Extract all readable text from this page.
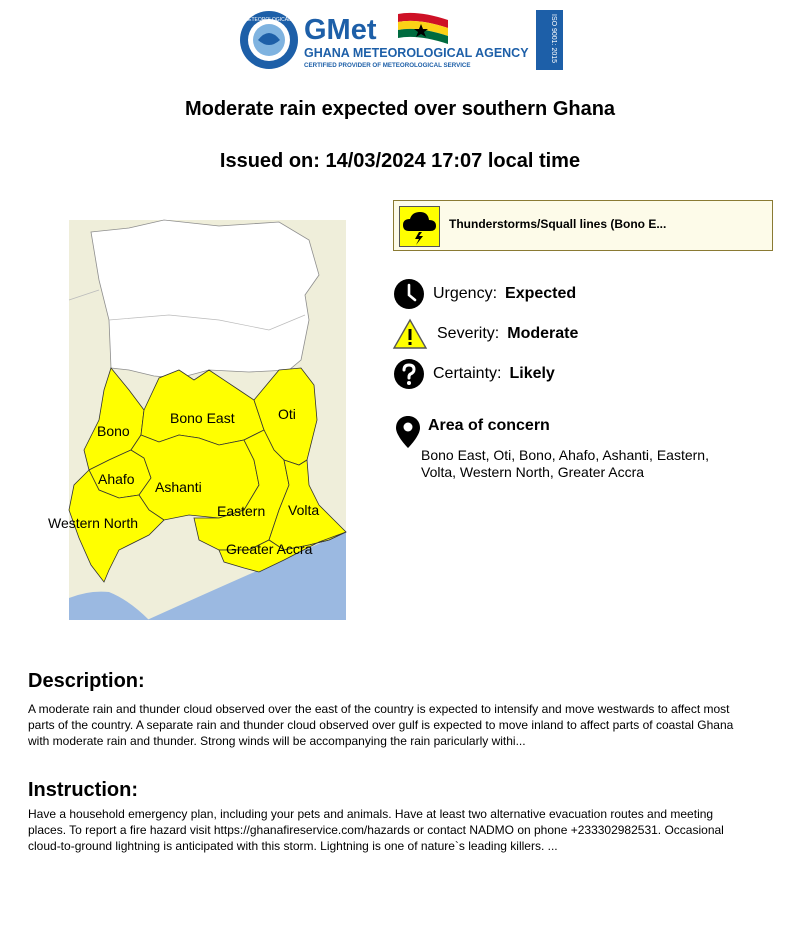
GHANA METEOROLOGICAL AGENCY
GMet
GHANA METEOROLOGICAL AGENCY
CERTIFIED PROVIDER OF METEOROLOGICAL SERVICE
ISO 9001: 2015
Moderate rain expected over southern Ghana
Issued on: 14/03/2024 17:07 local time
Bono
Bono East	Oti
Ahafo Ashanti
Eastern Volta
Western North
Greater Accra
Thunderstorms/Squall lines (Bono E...
Urgency: Expected
Severity: Moderate
Certainty: Likely
Area of concern
Bono East, Oti, Bono, Ahafo, Ashanti, Eastern, Volta, Western North, Greater Accra
Description:
A moderate rain and thunder cloud observed over the east of the country is expected to intensify and move westwards to affect most parts of the country. A separate rain and thunder cloud observed over gulf is expected to move inland to affect parts of coastal Ghana with moderate rain and thunder. Strong winds will be accompanying the rain paricularly withi...
Instruction:
Have a household emergency plan, including your pets and animals. Have at least two alternative evacuation routes and meeting places. To report a fire hazard visit https://ghanafireservice.com/hazards or contact NADMO on phone +233302982531. Occasional cloud-to-ground lightning is anticipated with this storm. Lightning is one of nature`s leading killers. ...
